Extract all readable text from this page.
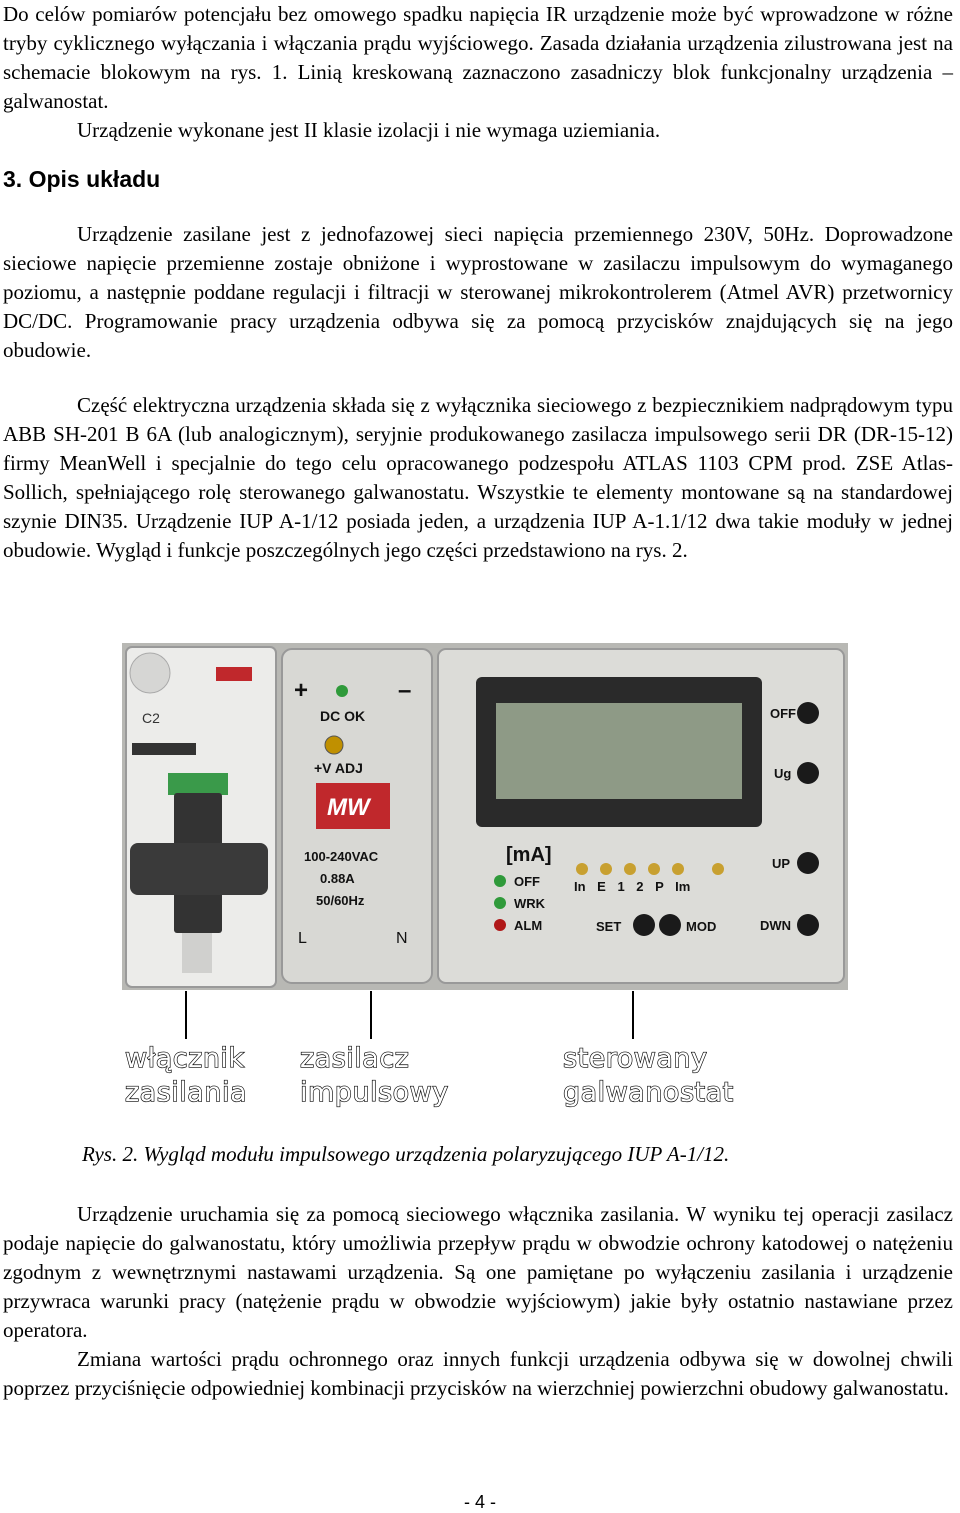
Do celów pomiarów potencjału bez omowego spadku napięcia IR urządzenie może być wprowadzone w różne tryby cyklicznego wyłączania i włączania prądu wyjściowego. Zasada działania urządzenia zilustrowana jest na schemacie blokowym na rys. 1. Linią kreskowaną zaznaczono zasadniczy blok funkcjonalny urządzenia – galwanostat.
Urządzenie wykonane jest II klasie izolacji i nie wymaga uziemiania.
3. Opis układu

Urządzenie zasilane jest z jednofazowej sieci napięcia przemiennego 230V, 50Hz. Doprowadzone sieciowe napięcie przemienne zostaje obniżone i wyprostowane w zasilaczu impulsowym do wymaganego poziomu, a następnie poddane regulacji i filtracji w sterowanej mikrokontrolerem (Atmel AVR) przetwornicy DC/DC. Programowanie pracy urządzenia odbywa się za pomocą przycisków znajdujących się na jego obudowie.

Część elektryczna urządzenia składa się z wyłącznika sieciowego z bezpiecznikiem nadprądowym typu ABB SH-201 B 6A (lub analogicznym), seryjnie produkowanego zasilacza impulsowego serii DR (DR-15-12) firmy MeanWell i specjalnie do tego celu opracowanego podzespołu ATLAS 1103 CPM prod. ZSE Atlas-Sollich, spełniającego rolę sterowanego galwanostatu. Wszystkie te elementy montowane są na standardowej szynie DIN35. Urządzenie IUP A-1/12 posiada jeden, a urządzenia IUP A-1.1/12 dwa takie moduły w jednej obudowie. Wygląd i funkcje poszczególnych jego części przedstawiono na rys. 2.

C2
+	–
DC OK
+V ADJ
MW
100-240VAC
0.88A
50/60Hz
L	N
[mA]
OFF
Ug
UP
DWN
OFF
WRK
ALM
In E 1 2 P Im
SET	MOD
włącznik
zasilania
zasilacz
impulsowy
sterowany
galwanostat
Rys. 2. Wygląd modułu impulsowego urządzenia polaryzującego IUP A-1/12.

Urządzenie uruchamia się za pomocą sieciowego włącznika zasilania. W wyniku tej operacji zasilacz podaje napięcie do galwanostatu, który umożliwia przepływ prądu w obwodzie ochrony katodowej o natężeniu zgodnym z wewnętrznymi nastawami urządzenia. Są one pamiętane po wyłączeniu zasilania i urządzenie przywraca warunki pracy (natężenie prądu w obwodzie wyjściowym) jakie były ostatnio nastawiane przez operatora.

Zmiana wartości prądu ochronnego oraz innych funkcji urządzenia odbywa się w dowolnej chwili poprzez przyciśnięcie odpowiedniej kombinacji przycisków na wierzchniej powierzchni obudowy galwanostatu.

- 4 -
